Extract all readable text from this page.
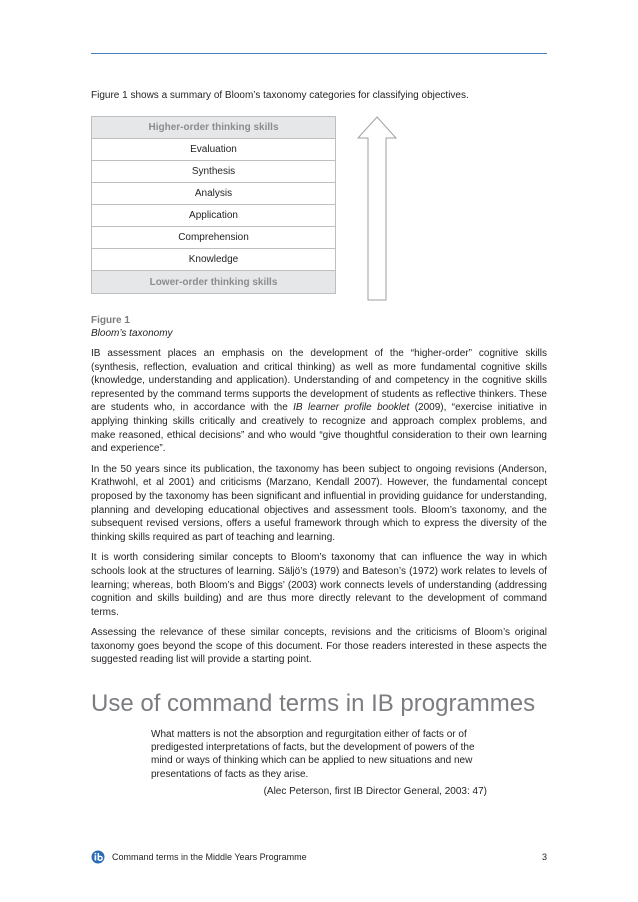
Figure 1 shows a summary of Bloom’s taxonomy categories for classifying objectives.

Higher-order thinking skills
Evaluation
Synthesis
Analysis
Application
Comprehension
Knowledge
Lower-order thinking skills
Figure 1
Bloom’s taxonomy

IB assessment places an emphasis on the development of the “higher-order” cognitive skills (synthesis, reflection, evaluation and critical thinking) as well as more fundamental cognitive skills (knowledge, understanding and application). Understanding of and competency in the cognitive skills represented by the command terms supports the development of students as reflective thinkers. These are students who, in accordance with the IB learner profile booklet (2009), “exercise initiative in applying thinking skills critically and creatively to recognize and approach complex problems, and make reasoned, ethical decisions” and who would “give thoughtful consideration to their own learning and experience”.

In the 50 years since its publication, the taxonomy has been subject to ongoing revisions (Anderson, Krathwohl, et al 2001) and criticisms (Marzano, Kendall 2007). However, the fundamental concept proposed by the taxonomy has been significant and influential in providing guidance for understanding, planning and developing educational objectives and assessment tools. Bloom’s taxonomy, and the subsequent revised versions, offers a useful framework through which to express the diversity of the thinking skills required as part of teaching and learning.

It is worth considering similar concepts to Bloom’s taxonomy that can influence the way in which schools look at the structures of learning. Säljö’s (1979) and Bateson’s (1972) work relates to levels of learning; whereas, both Bloom’s and Biggs’ (2003) work connects levels of understanding (addressing cognition and skills building) and are thus more directly relevant to the development of command terms.

Assessing the relevance of these similar concepts, revisions and the criticisms of Bloom’s original taxonomy goes beyond the scope of this document. For those readers interested in these aspects the suggested reading list will provide a starting point.

Use of command terms in IB programmes

What matters is not the absorption and regurgitation either of facts or of predigested interpretations of facts, but the development of powers of the mind or ways of thinking which can be applied to new situations and new presentations of facts as they arise.

(Alec Peterson, first IB Director General, 2003: 47)

Command terms in the Middle Years Programme	3
